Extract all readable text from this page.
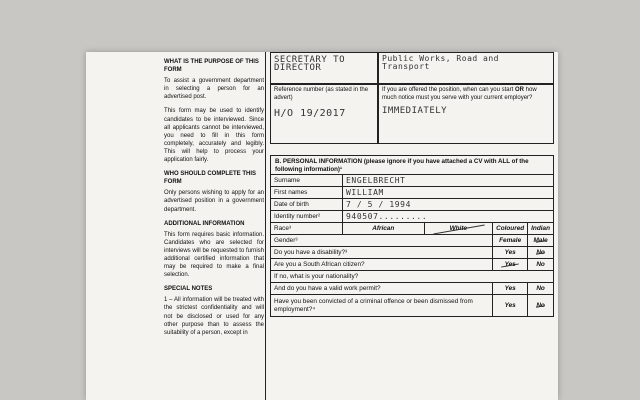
WHAT IS THE PURPOSE OF THIS FORM
To assist a government department in selecting a person for an advertised post.
This form may be used to identify candidates to be interviewed. Since all applicants cannot be interviewed, you need to fill in this form completely, accurately and legibly. This will help to process your application fairly.
WHO SHOULD COMPLETE THIS FORM
Only persons wishing to apply for an advertised position in a government department.
ADDITIONAL INFORMATION
This form requires basic information. Candidates who are selected for interviews will be requested to furnish additional certified information that may be required to make a final selection.
SPECIAL NOTES
1 – All information will be treated with the strictest confidentiality and will not be disclosed or used for any other purpose than to assess the suitability of a person, except in
SECRETARY TO DIRECTOR
Public Works, Road and Transport
Reference number (as stated in the advert)
H/O 19/2017
If you are offered the position, when can you start OR how much notice must you serve with your current employer?
IMMEDIATELY
B. PERSONAL INFORMATION (please ignore if you have attached a CV with ALL of the following information)¹
Surname	ENGELBRECHT			
First names	WILLIAM			
Date of birth	7 / 5 / 1994			
Identity number²	940507.........			
Race³	African	White	Coloured	Indian
Gender³			Female	Male
Do you have a disability?³			Yes	No
Are you a South African citizen?			Yes	No
If no, what is your nationality?				
And do you have a valid work permit?			Yes	No
Have you been convicted of a criminal offence or been dismissed from employment?⁴			Yes	No
